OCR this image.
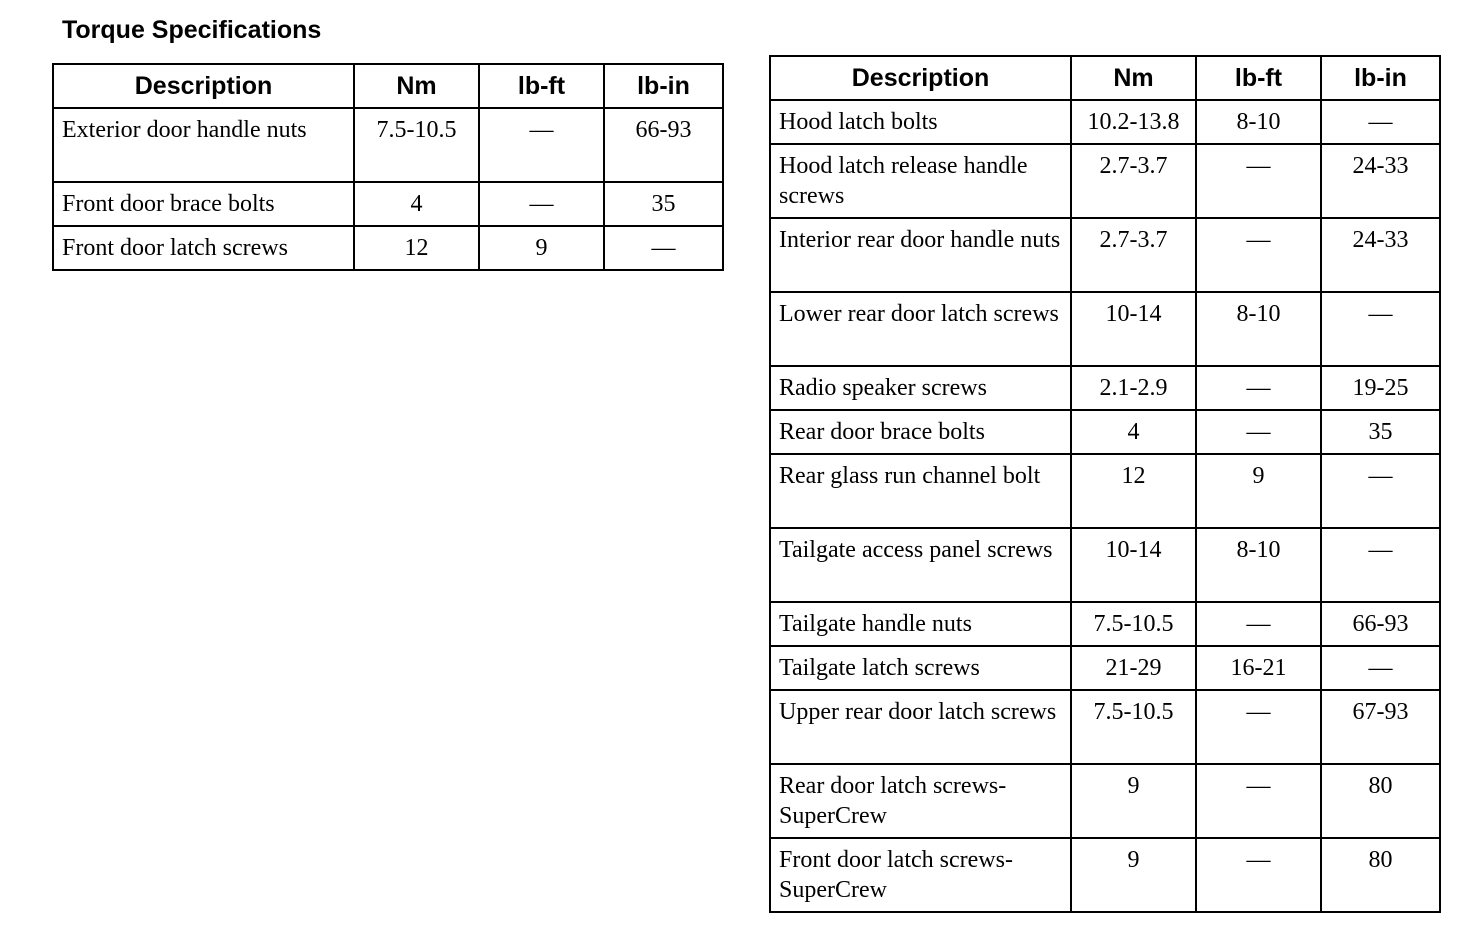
Torque Specifications
Description	Nm	lb-ft	lb-in
Exterior door handle nuts	7.5-10.5	—	66-93
Front door brace bolts	4	—	35
Front door latch screws	12	9	—
Description	Nm	lb-ft	lb-in
Hood latch bolts	10.2-13.8	8-10	—
Hood latch release handle screws	2.7-3.7	—	24-33
Interior rear door handle nuts	2.7-3.7	—	24-33
Lower rear door latch screws	10-14	8-10	—
Radio speaker screws	2.1-2.9	—	19-25
Rear door brace bolts	4	—	35
Rear glass run channel bolt	12	9	—
Tailgate access panel screws	10-14	8-10	—
Tailgate handle nuts	7.5-10.5	—	66-93
Tailgate latch screws	21-29	16-21	—
Upper rear door latch screws	7.5-10.5	—	67-93
Rear door latch screws-SuperCrew	9	—	80
Front door latch screws-SuperCrew	9	—	80
